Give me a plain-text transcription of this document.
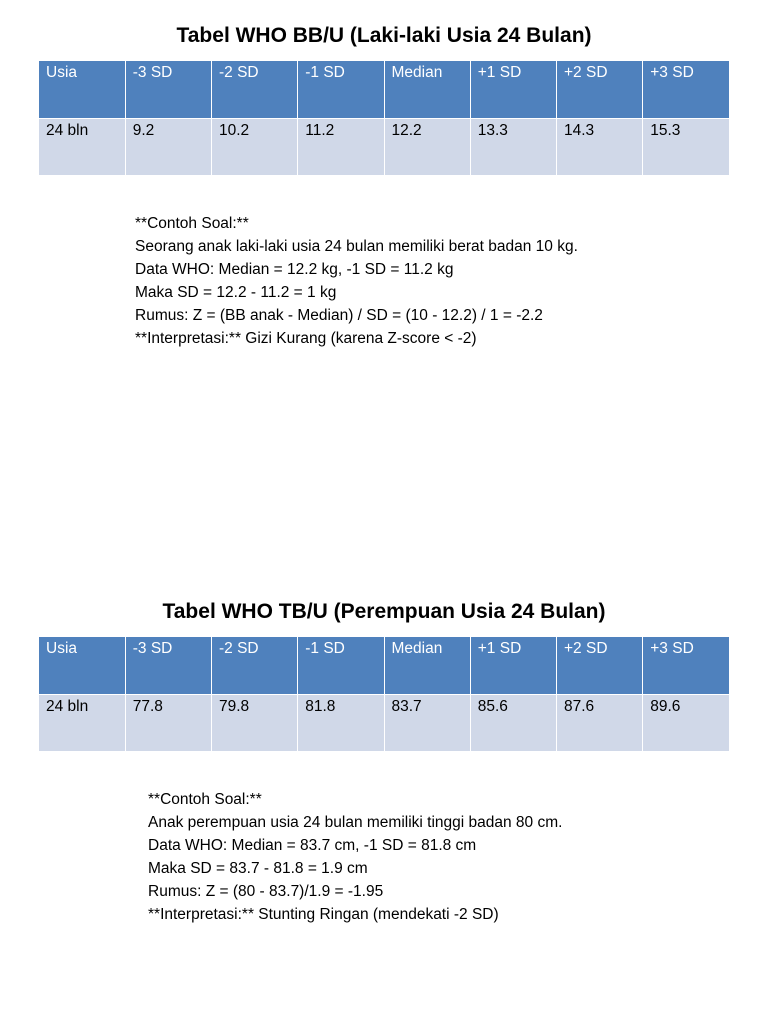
Tabel WHO BB/U (Laki-laki Usia 24 Bulan)
Usia	-3 SD	-2 SD	-1 SD	Median	+1 SD	+2 SD	+3 SD
24 bln	9.2	10.2	11.2	12.2	13.3	14.3	15.3
**Contoh Soal:**
Seorang anak laki-laki usia 24 bulan memiliki berat badan 10 kg.
Data WHO: Median = 12.2 kg, -1 SD = 11.2 kg
Maka SD = 12.2 - 11.2 = 1 kg
Rumus: Z = (BB anak - Median) / SD = (10 - 12.2) / 1 = -2.2
**Interpretasi:** Gizi Kurang (karena Z-score < -2)
Tabel WHO TB/U (Perempuan Usia 24 Bulan)
Usia	-3 SD	-2 SD	-1 SD	Median	+1 SD	+2 SD	+3 SD
24 bln	77.8	79.8	81.8	83.7	85.6	87.6	89.6
**Contoh Soal:**
Anak perempuan usia 24 bulan memiliki tinggi badan 80 cm.
Data WHO: Median = 83.7 cm, -1 SD = 81.8 cm
Maka SD = 83.7 - 81.8 = 1.9 cm
Rumus: Z = (80 - 83.7)/1.9 = -1.95
**Interpretasi:** Stunting Ringan (mendekati -2 SD)
